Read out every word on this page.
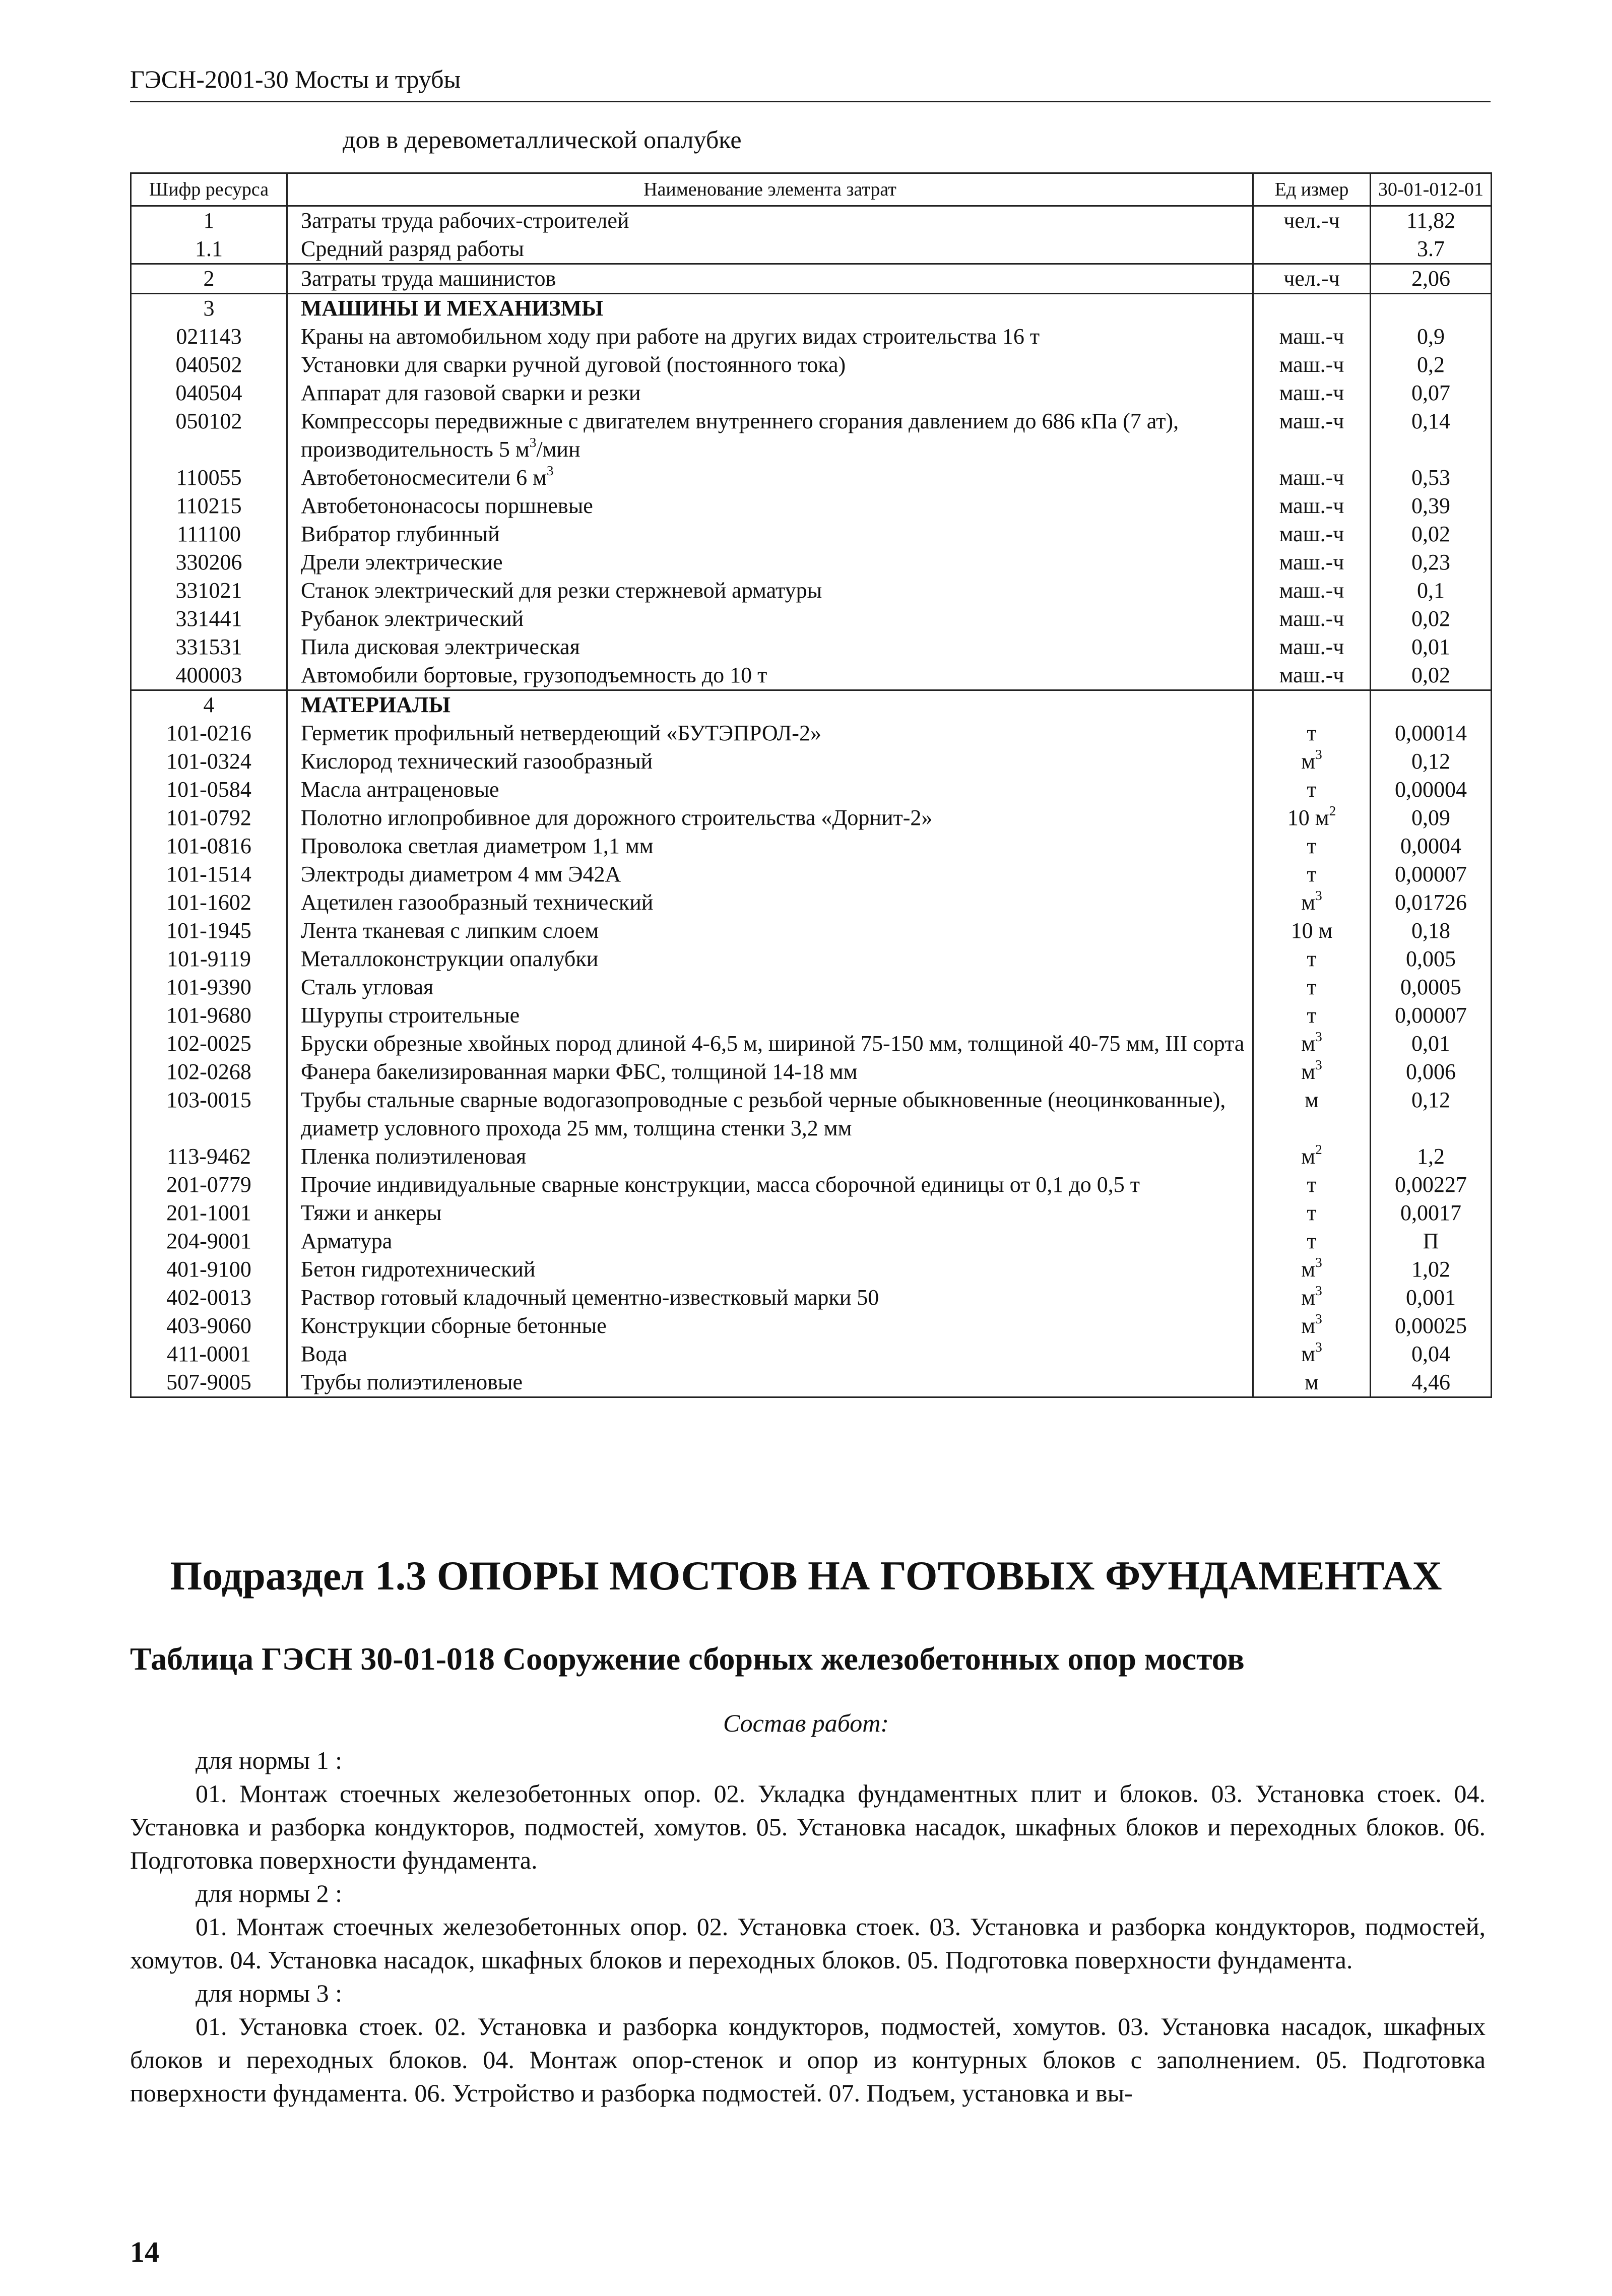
ГЭСН-2001-30 Мосты и трубы
дов в деревометаллической опалубке
Шифр ресурса	Наименование элемента затрат	Ед измер	30-01-012-01
1	Затраты труда рабочих-строителей	чел.-ч	11,82
1.1	Средний разряд работы		3.7
2	Затраты труда машинистов	чел.-ч	2,06
3	МАШИНЫ И МЕХАНИЗМЫ		
021143	Краны на автомобильном ходу при работе на других видах строительства 16 т	маш.-ч	0,9
040502	Установки для сварки ручной дуговой (постоянного тока)	маш.-ч	0,2
040504	Аппарат для газовой сварки и резки	маш.-ч	0,07
050102	Компрессоры передвижные с двигателем внутреннего сгорания давлением до 686 кПа (7 ат), производительность 5 $м^3$/мин	маш.-ч	0,14
110055	Автобетоносмесители 6 $м^3$	маш.-ч	0,53
110215	Автобетононасосы поршневые	маш.-ч	0,39
111100	Вибратор глубинный	маш.-ч	0,02
330206	Дрели электрические	маш.-ч	0,23
331021	Станок электрический для резки стержневой арматуры	маш.-ч	0,1
331441	Рубанок электрический	маш.-ч	0,02
331531	Пила дисковая электрическая	маш.-ч	0,01
400003	Автомобили бортовые, грузоподъемность до 10 т	маш.-ч	0,02
4	МАТЕРИАЛЫ		
101-0216	Герметик профильный нетвердеющий «БУТЭПРОЛ-2»	т	0,00014
101-0324	Кислород технический газообразный	$м^3$	0,12
101-0584	Масла антраценовые	т	0,00004
101-0792	Полотно иглопробивное для дорожного строительства «Дорнит-2»	10 $м^2$	0,09
101-0816	Проволока светлая диаметром 1,1 мм	т	0,0004
101-1514	Электроды диаметром 4 мм Э42А	т	0,00007
101-1602	Ацетилен газообразный технический	$м^3$	0,01726
101-1945	Лента тканевая с липким слоем	10 м	0,18
101-9119	Металлоконструкции опалубки	т	0,005
101-9390	Сталь угловая	т	0,0005
101-9680	Шурупы строительные	т	0,00007
102-0025	Бруски обрезные хвойных пород длиной 4-6,5 м, шириной 75-150 мм, толщиной 40-75 мм, III сорта	$м^3$	0,01
102-0268	Фанера бакелизированная марки ФБС, толщиной 14-18 мм	$м^3$	0,006
103-0015	Трубы стальные сварные водогазопроводные с резьбой черные обыкновенные (неоцинкованные), диаметр условного прохода 25 мм, толщина стенки 3,2 мм	м	0,12
113-9462	Пленка полиэтиленовая	$м^2$	1,2
201-0779	Прочие индивидуальные сварные конструкции, масса сборочной единицы от 0,1 до 0,5 т	т	0,00227
201-1001	Тяжи и анкеры	т	0,0017
204-9001	Арматура	т	П
401-9100	Бетон гидротехнический	$м^3$	1,02
402-0013	Раствор готовый кладочный цементно-известковый марки 50	$м^3$	0,001
403-9060	Конструкции сборные бетонные	$м^3$	0,00025
411-0001	Вода	$м^3$	0,04
507-9005	Трубы полиэтиленовые	м	4,46
Подраздел 1.3 ОПОРЫ МОСТОВ НА ГОТОВЫХ ФУНДАМЕНТАХ
Таблица ГЭСН 30-01-018 Сооружение сборных железобетонных опор мостов
Состав работ:
для нормы 1 :
01. Монтаж стоечных железобетонных опор. 02. Укладка фундаментных плит и блоков. 03. Установка стоек. 04. Установка и разборка кондукторов, подмостей, хомутов. 05. Установка насадок, шкафных блоков и переходных блоков. 06. Подготовка поверхности фундамента.
для нормы 2 :
01. Монтаж стоечных железобетонных опор. 02. Установка стоек. 03. Установка и разборка кондукторов, подмостей, хомутов. 04. Установка насадок, шкафных блоков и переходных блоков. 05. Подготовка поверхности фундамента.
для нормы 3 :
01. Установка стоек. 02. Установка и разборка кондукторов, подмостей, хомутов. 03. Установка насадок, шкафных блоков и переходных блоков. 04. Монтаж опор-стенок и опор из контурных блоков с заполнением. 05. Подготовка поверхности фундамента. 06. Устройство и разборка подмостей. 07. Подъем, установка и вы-
14
